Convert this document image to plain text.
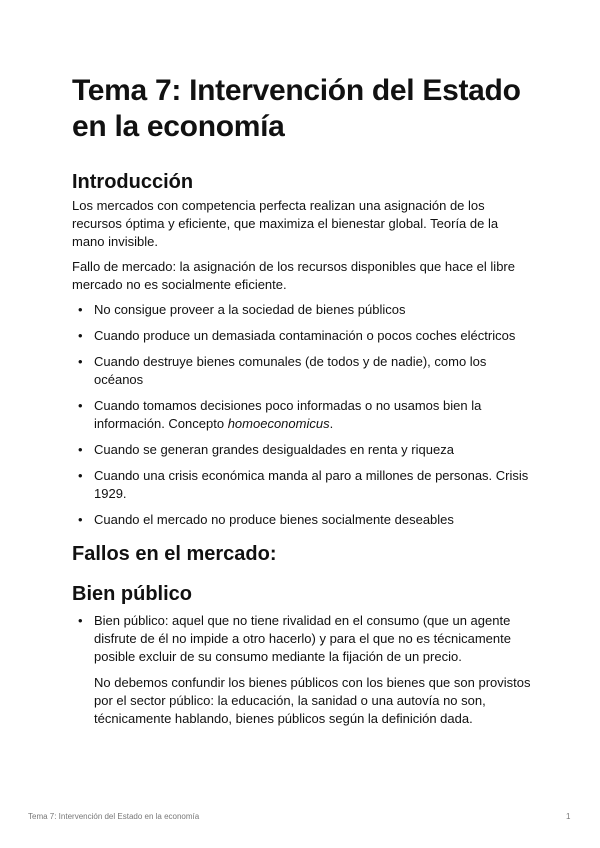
Tema 7: Intervención del Estado en la economía
Introducción

Los mercados con competencia perfecta realizan una asignación de los recursos óptima y eficiente, que maximiza el bienestar global. Teoría de la mano invisible.

Fallo de mercado: la asignación de los recursos disponibles que hace el libre mercado no es socialmente eficiente.

• No consigue proveer a la sociedad de bienes públicos
• Cuando produce un demasiada contaminación o pocos coches eléctricos
• Cuando destruye bienes comunales (de todos y de nadie), como los océanos
• Cuando tomamos decisiones poco informadas o no usamos bien la información. Concepto homoeconomicus.
• Cuando se generan grandes desigualdades en renta y riqueza
• Cuando una crisis económica manda al paro a millones de personas. Crisis 1929.
• Cuando el mercado no produce bienes socialmente deseables
Fallos en el mercado:
Bien público
• Bien público: aquel que no tiene rivalidad en el consumo (que un agente disfrute de él no impide a otro hacerlo) y para el que no es técnicamente posible excluir de su consumo mediante la fijación de un precio.

No debemos confundir los bienes públicos con los bienes que son provistos por el sector público: la educación, la sanidad o una autovía no son, técnicamente hablando, bienes públicos según la definición dada.

Tema 7: Intervención del Estado en la economía	1
